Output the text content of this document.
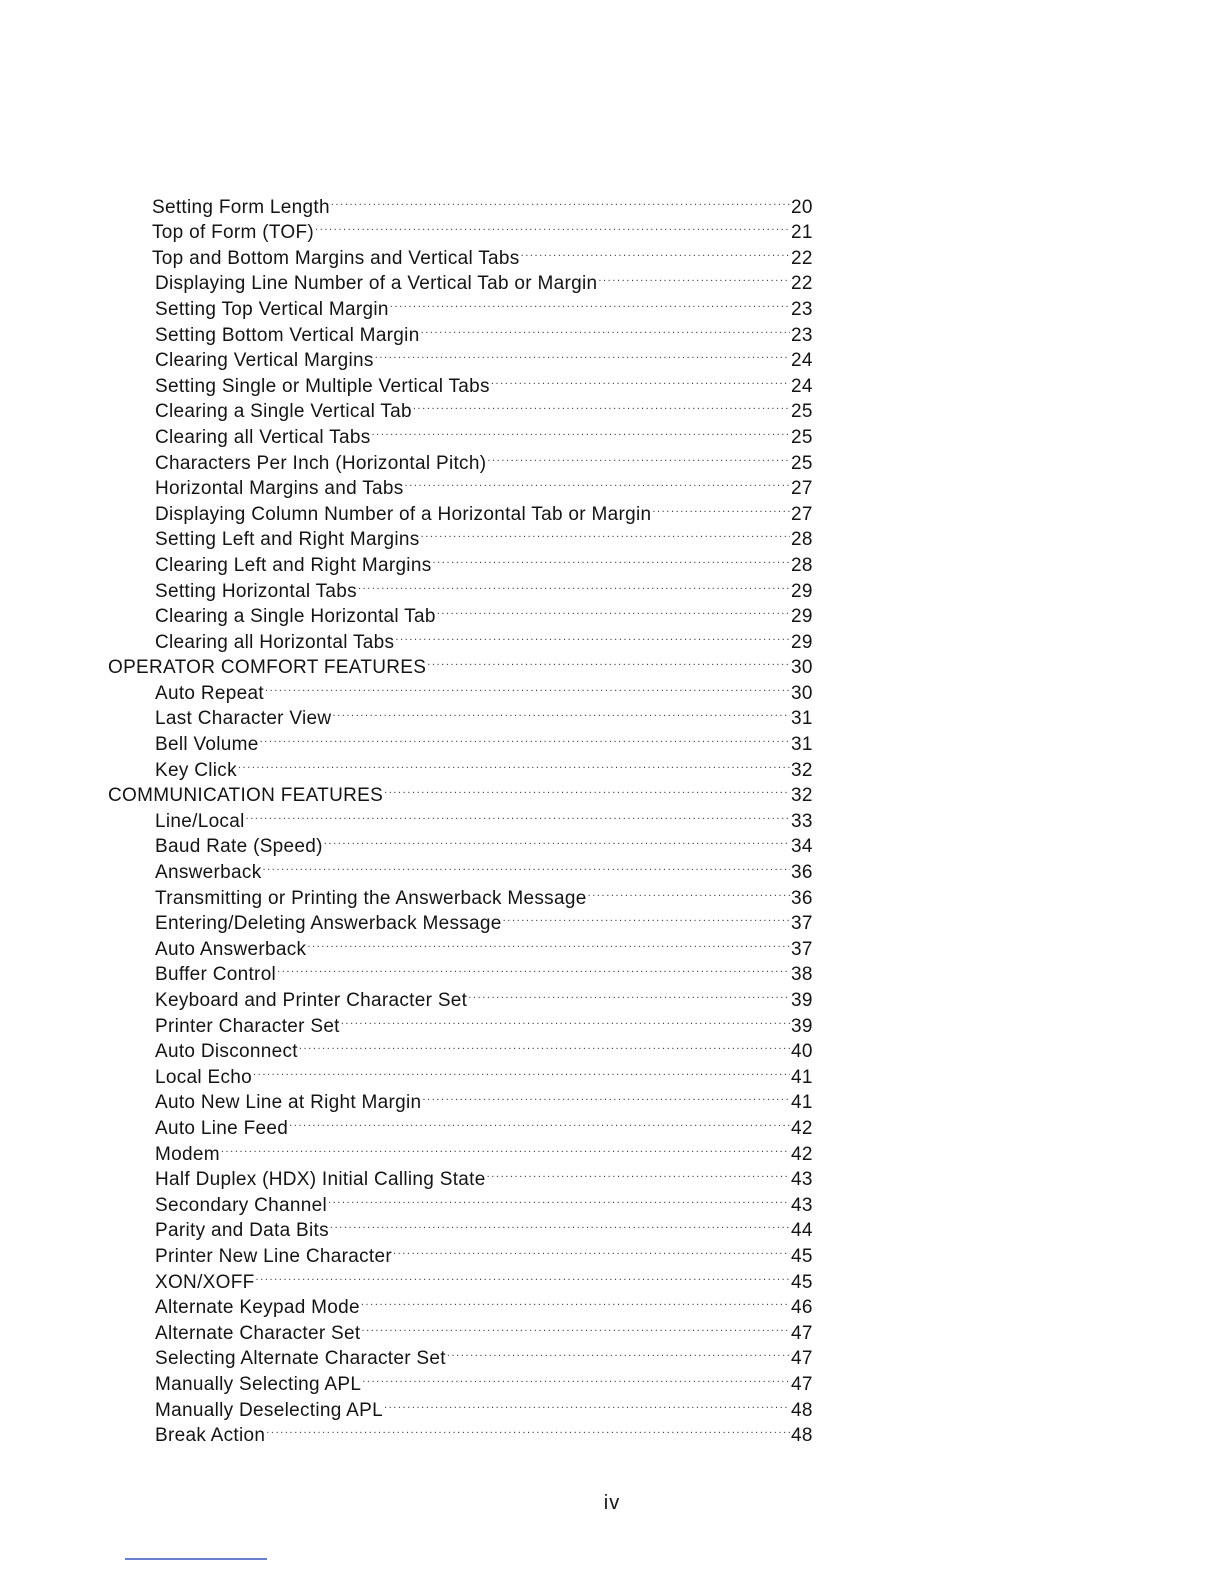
Setting Form Length .....	20
Top of Form (TOF) .....	21
Top and Bottom Margins and Vertical Tabs .....	22
Displaying Line Number of a Vertical Tab or Margin .....	22
Setting Top Vertical Margin .....	23
Setting Bottom Vertical Margin .....	23
Clearing Vertical Margins .....	24
Setting Single or Multiple Vertical Tabs .....	24
Clearing a Single Vertical Tab .....	25
Clearing all Vertical Tabs .....	25
Characters Per Inch (Horizontal Pitch) .....	25
Horizontal Margins and Tabs .....	27
Displaying Column Number of a Horizontal Tab or Margin .....	27
Setting Left and Right Margins .....	28
Clearing Left and Right Margins .....	28
Setting Horizontal Tabs .....	29
Clearing a Single Horizontal Tab .....	29
Clearing all Horizontal Tabs .....	29
OPERATOR COMFORT FEATURES .....	30
Auto Repeat .....	30
Last Character View .....	31
Bell Volume .....	31
Key Click .....	32
COMMUNICATION FEATURES .....	32
Line/Local .....	33
Baud Rate (Speed) .....	34
Answerback .....	36
Transmitting or Printing the Answerback Message .....	36
Entering/Deleting Answerback Message .....	37
Auto Answerback .....	37
Buffer Control .....	38
Keyboard and Printer Character Set .....	39
Printer Character Set .....	39
Auto Disconnect .....	40
Local Echo .....	41
Auto New Line at Right Margin .....	41
Auto Line Feed .....	42
Modem .....	42
Half Duplex (HDX) Initial Calling State .....	43
Secondary Channel .....	43
Parity and Data Bits .....	44
Printer New Line Character .....	45
XON/XOFF .....	45
Alternate Keypad Mode .....	46
Alternate Character Set .....	47
Selecting Alternate Character Set .....	47
Manually Selecting APL .....	47
Manually Deselecting APL .....	48
Break Action .....	48
iv
